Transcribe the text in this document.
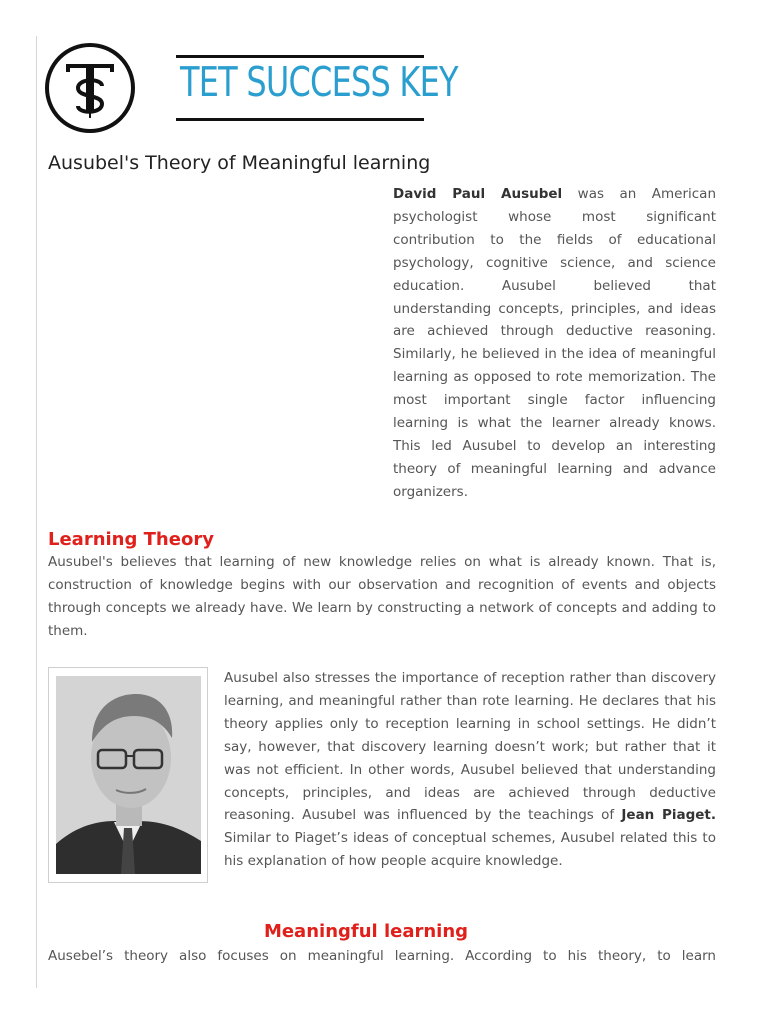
TET SUCCESS KEY
Ausubel's Theory of Meaningful learning

David Paul Ausubel was an American psychologist whose most significant contribution to the fields of educational psychology, cognitive science, and science education. Ausubel believed that understanding concepts, principles, and ideas are achieved through deductive reasoning. Similarly, he believed in the idea of meaningful learning as opposed to rote memorization. The most important single factor influencing learning is what the learner already knows. This led Ausubel to develop an interesting theory of meaningful learning and advance organizers.

Learning Theory

Ausubel's believes that learning of new knowledge relies on what is already known. That is, construction of knowledge begins with our observation and recognition of events and objects through concepts we already have. We learn by constructing a network of concepts and adding to them.

Ausubel also stresses the importance of reception rather than discovery learning, and meaningful rather than rote learning. He declares that his theory applies only to reception learning in school settings. He didn’t say, however, that discovery learning doesn’t work; but rather that it was not efficient. In other words, Ausubel believed that understanding concepts, principles, and ideas are achieved through deductive reasoning. Ausubel was influenced by the teachings of Jean Piaget. Similar to Piaget’s ideas of conceptual schemes, Ausubel related this to his explanation of how people acquire knowledge.

Meaningful learning

Ausebel’s theory also focuses on meaningful learning. According to his theory, to learn
